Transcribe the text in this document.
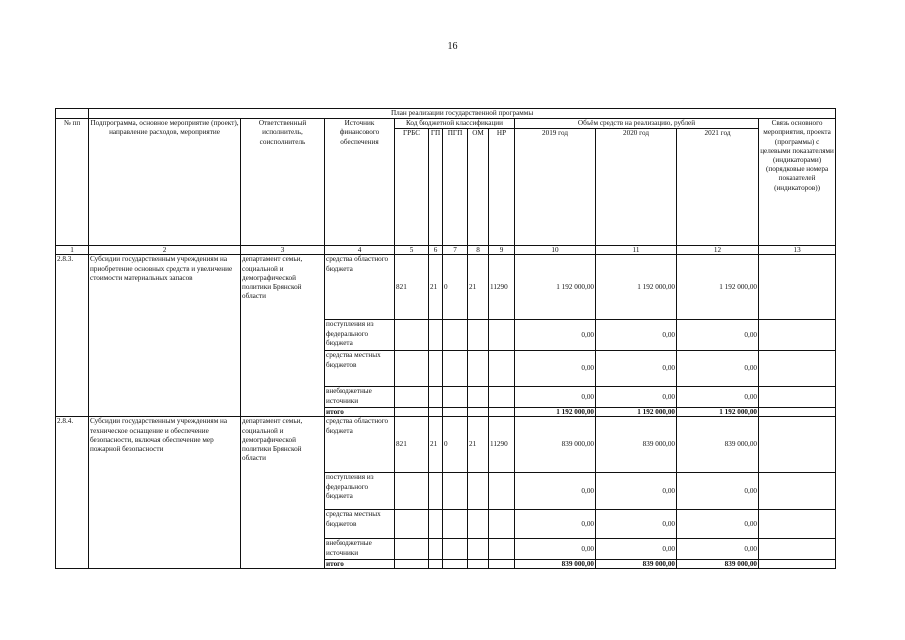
16
	План реализации государственной программы											
№ пп	Подпрограмма, основное мероприятие (проект), направление расходов, мероприятие	Ответственный исполнитель, соисполнитель	Источник финансового обеспечения	Код бюджетной классификации					Объём средств на реализацию, рублей			Связь основного мероприятия, проекта (программы) с целевыми показателями (индикаторами) (порядковые номера показателей (индикаторов))
				ГРБС	ГП	ПГП	ОМ	НР	2019 год	2020 год	2021 год	
1	2	3	4	5	6	7	8	9	10	11	12	13
2.8.3.	Субсидии государственным учреждениям на приобретение основных средств и увеличение стоимости материальных запасов	департамент семьи, социальной и демографической политики Брянской области	средства областного бюджета	821	21	0	21	11290	1 192 000,00	1 192 000,00	1 192 000,00	
			поступления из федерального бюджета						0,00	0,00	0,00	
			средства местных бюджетов						0,00	0,00	0,00	
			внебюджетные источники						0,00	0,00	0,00	
			итого						1 192 000,00	1 192 000,00	1 192 000,00	
2.8.4.	Субсидии государственным учреждениям на техническое оснащение и обеспечение безопасности, включая обеспечение мер пожарной безопасности	департамент семьи, социальной и демографической политики Брянской области	средства областного бюджета	821	21	0	21	11290	839 000,00	839 000,00	839 000,00	
			поступления из федерального бюджета						0,00	0,00	0,00	
			средства местных бюджетов						0,00	0,00	0,00	
			внебюджетные источники						0,00	0,00	0,00	
			итого						839 000,00	839 000,00	839 000,00	
